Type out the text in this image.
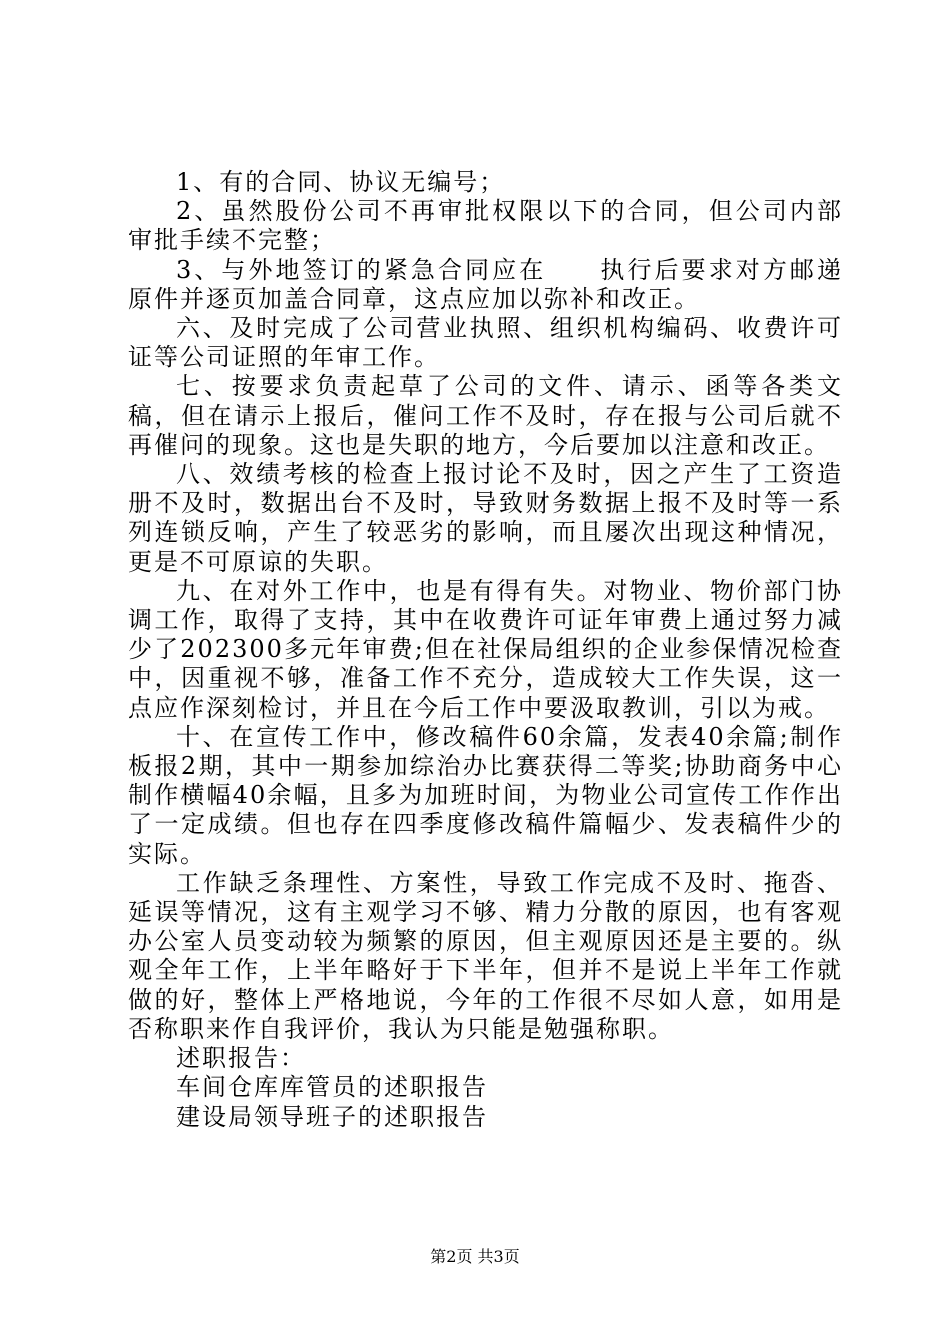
1、有的合同、协议无编号；

2、虽然股份公司不再审批权限以下的合同，但公司内部审批手续不完整；

3、与外地签订的紧急合同应在　　执行后要求对方邮递原件并逐页加盖合同章，这点应加以弥补和改正。

六、及时完成了公司营业执照、组织机构编码、收费许可证等公司证照的年审工作。

七、按要求负责起草了公司的文件、请示、函等各类文稿，但在请示上报后，催问工作不及时，存在报与公司后就不再催问的现象。这也是失职的地方，今后要加以注意和改正。

八、效绩考核的检查上报讨论不及时，因之产生了工资造册不及时，数据出台不及时，导致财务数据上报不及时等一系列连锁反响，产生了较恶劣的影响，而且屡次出现这种情况，更是不可原谅的失职。

九、在对外工作中，也是有得有失。对物业、物价部门协调工作，取得了支持，其中在收费许可证年审费上通过努力减少了202300多元年审费;但在社保局组织的企业参保情况检查中，因重视不够，准备工作不充分，造成较大工作失误，这一点应作深刻检讨，并且在今后工作中要汲取教训，引以为戒。

十、在宣传工作中，修改稿件60余篇，发表40余篇;制作板报2期，其中一期参加综治办比赛获得二等奖;协助商务中心制作横幅40余幅，且多为加班时间，为物业公司宣传工作作出了一定成绩。但也存在四季度修改稿件篇幅少、发表稿件少的实际。

工作缺乏条理性、方案性，导致工作完成不及时、拖沓、延误等情况，这有主观学习不够、精力分散的原因，也有客观办公室人员变动较为频繁的原因，但主观原因还是主要的。纵观全年工作，上半年略好于下半年，但并不是说上半年工作就做的好，整体上严格地说，今年的工作很不尽如人意，如用是否称职来作自我评价，我认为只能是勉强称职。

述职报告：

车间仓库库管员的述职报告

建设局领导班子的述职报告

第2页 共3页
